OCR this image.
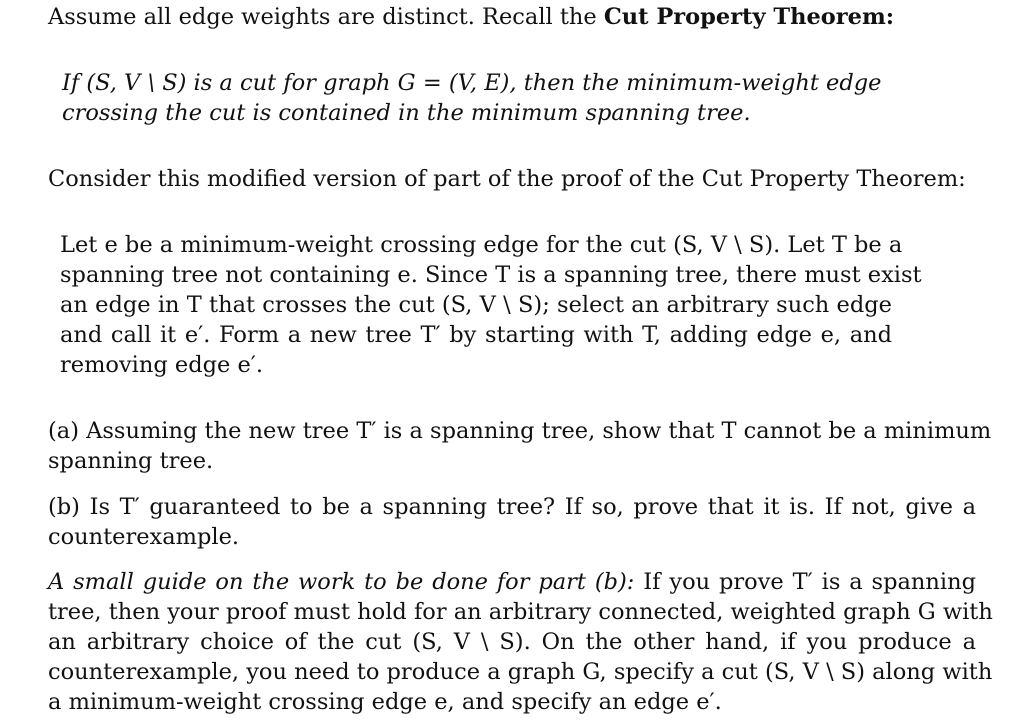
Assume all edge weights are distinct. Recall the Cut Property Theorem:
If (S, V \ S) is a cut for graph G = (V, E), then the minimum-weight edge
crossing the cut is contained in the minimum spanning tree.
Consider this modified version of part of the proof of the Cut Property Theorem:
Let e be a minimum-weight crossing edge for the cut (S, V \ S). Let T be a
spanning tree not containing e. Since T is a spanning tree, there must exist
an edge in T that crosses the cut (S, V \ S); select an arbitrary such edge
and call it e′. Form a new tree T′ by starting with T, adding edge e, and
removing edge e′.
(a) Assuming the new tree T′ is a spanning tree, show that T cannot be a minimum
spanning tree.
(b) Is T′ guaranteed to be a spanning tree? If so, prove that it is. If not, give a
counterexample.
A small guide on the work to be done for part (b): If you prove T′ is a spanning
tree, then your proof must hold for an arbitrary connected, weighted graph G with
an arbitrary choice of the cut (S, V \ S). On the other hand, if you produce a
counterexample, you need to produce a graph G, specify a cut (S, V \ S) along with
a minimum-weight crossing edge e, and specify an edge e′.
